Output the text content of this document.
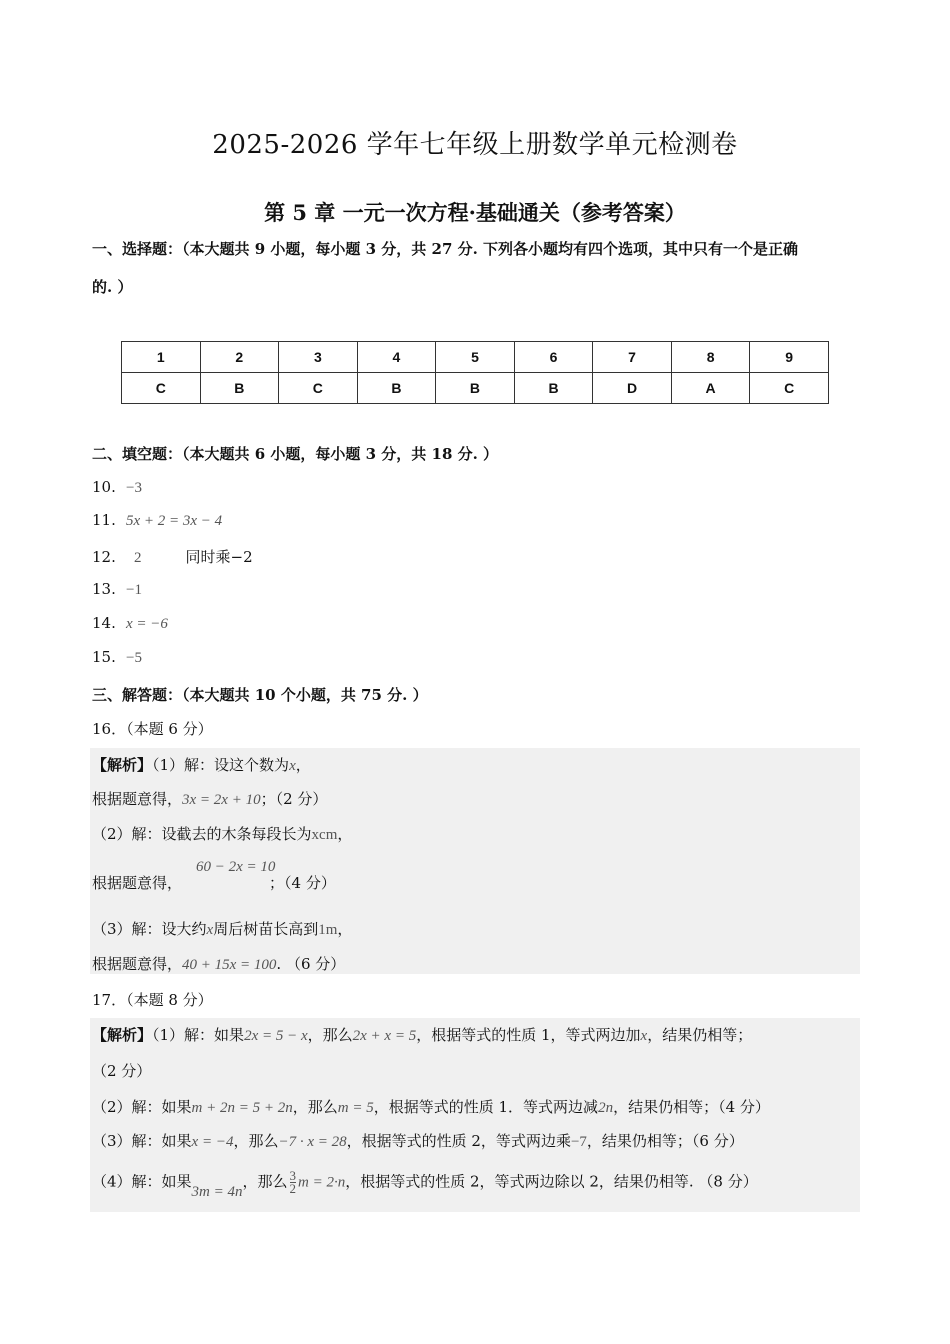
2025-2026 学年七年级上册数学单元检测卷
第 5 章 一元一次方程·基础通关（参考答案）
一、选择题：（本大题共 9 小题，每小题 3 分，共 27 分. 下列各小题均有四个选项，其中只有一个是正确
的. ）
1	2	3	4	5	6	7	8	9
C	B	C	B	B	B	D	A	C
二、填空题：（本大题共 6 小题，每小题 3 分，共 18 分. ）
10. −3
11. 5x + 2 = 3x − 4
12. 2	同时乘−2
13. −1
14. x = −6
15. −5
三、解答题：（本大题共 10 个小题，共 75 分. ）
16．（本题 6 分）
【解析】（1）解：设这个数为x，
根据题意得，3x = 2x + 10；（2 分）
（2）解：设截去的木条每段长为xcm，
60 − 2x = 10
根据题意得，	；（4 分）
（3）解：设大约x周后树苗长高到1m，
根据题意得，40 + 15x = 100. （6 分）
17．（本题 8 分）
【解析】（1）解：如果2x = 5 − x，那么2x + x = 5，根据等式的性质 1，等式两边加x，结果仍相等；
（2 分）
（2）解：如果m + 2n = 5 + 2n，那么m = 5，根据等式的性质 1．等式两边减2n，结果仍相等；（4 分）
（3）解：如果x = −4，那么−7 · x = 28，根据等式的性质 2，等式两边乘−7，结果仍相等；（6 分）
（4）解：如果3m = 4n，那么 $\frac{3}{2}$ m = 2·n，根据等式的性质 2，等式两边除以 2，结果仍相等. （8 分）
